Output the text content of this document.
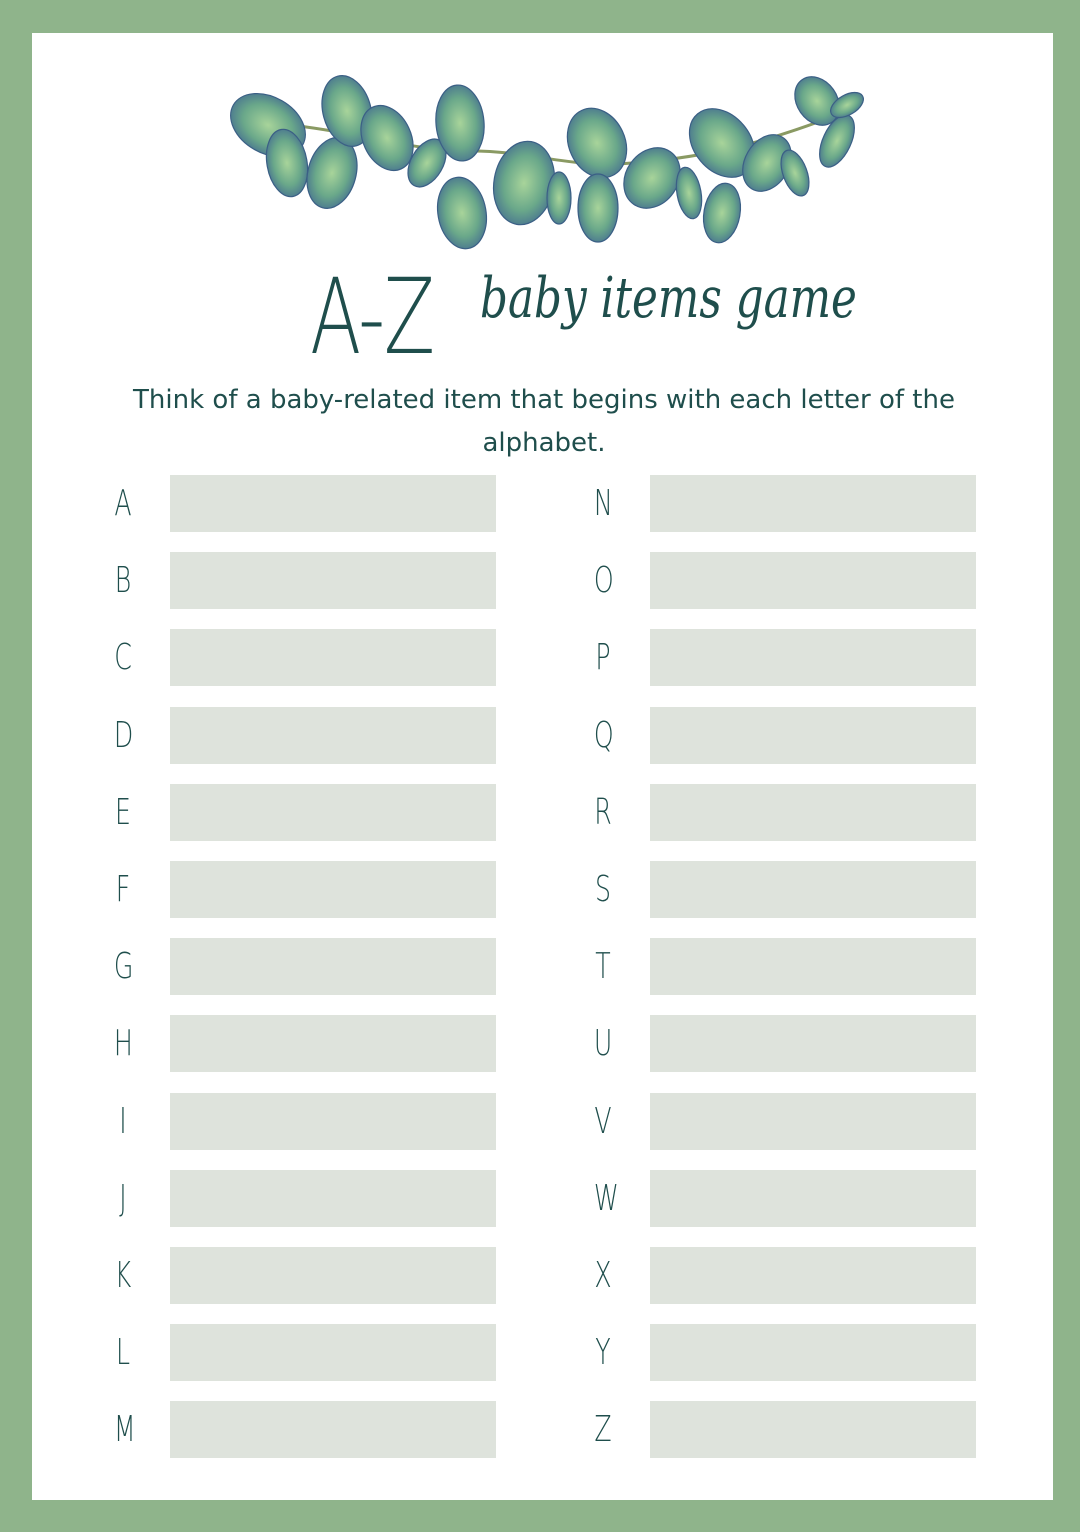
A-Z baby items game
Think of a baby-related item that begins with each letter of the alphabet.
A
B
C
D
E
F
G
H
I
J
K
L
M
N
O
P
Q
R
S
T
U
V
W
X
Y
Z
